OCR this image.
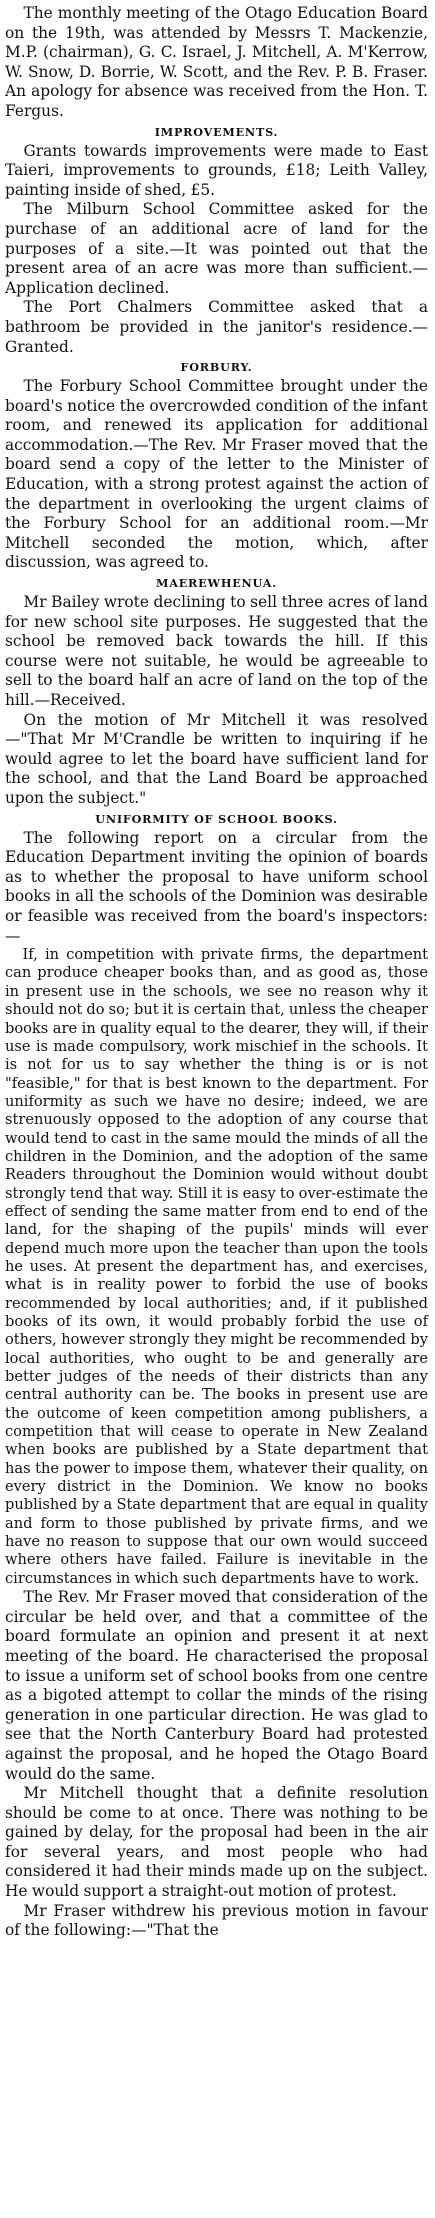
The monthly meeting of the Otago Education Board on the 19th, was attended by Messrs T. Mackenzie, M.P. (chairman), G. C. Israel, J. Mitchell, A. M'Kerrow, W. Snow, D. Borrie, W. Scott, and the Rev. P. B. Fraser. An apology for absence was received from the Hon. T. Fergus.

IMPROVEMENTS.

Grants towards improvements were made to East Taieri, improvements to grounds, £18; Leith Valley, painting inside of shed, £5.

The Milburn School Committee asked for the purchase of an additional acre of land for the purposes of a site.—It was pointed out that the present area of an acre was more than sufficient.—Application declined.

The Port Chalmers Committee asked that a bathroom be provided in the janitor's residence.—Granted.

FORBURY.

The Forbury School Committee brought under the board's notice the overcrowded condition of the infant room, and renewed its application for additional accommodation.—The Rev. Mr Fraser moved that the board send a copy of the letter to the Minister of Education, with a strong protest against the action of the department in overlooking the urgent claims of the Forbury School for an additional room.—Mr Mitchell seconded the motion, which, after discussion, was agreed to.

MAEREWHENUA.

Mr Bailey wrote declining to sell three acres of land for new school site purposes. He suggested that the school be removed back towards the hill. If this course were not suitable, he would be agreeable to sell to the board half an acre of land on the top of the hill.—Received.

On the motion of Mr Mitchell it was resolved—"That Mr M'Crandle be written to inquiring if he would agree to let the board have sufficient land for the school, and that the Land Board be approached upon the subject."

UNIFORMITY OF SCHOOL BOOKS.

The following report on a circular from the Education Department inviting the opinion of boards as to whether the proposal to have uniform school books in all the schools of the Dominion was desirable or feasible was received from the board's inspectors:—

If, in competition with private firms, the department can produce cheaper books than, and as good as, those in present use in the schools, we see no reason why it should not do so; but it is certain that, unless the cheaper books are in quality equal to the dearer, they will, if their use is made compulsory, work mischief in the schools. It is not for us to say whether the thing is or is not "feasible," for that is best known to the department. For uniformity as such we have no desire; indeed, we are strenuously opposed to the adoption of any course that would tend to cast in the same mould the minds of all the children in the Dominion, and the adoption of the same Readers throughout the Dominion would without doubt strongly tend that way. Still it is easy to over-estimate the effect of sending the same matter from end to end of the land, for the shaping of the pupils' minds will ever depend much more upon the teacher than upon the tools he uses. At present the department has, and exercises, what is in reality power to forbid the use of books recommended by local authorities; and, if it published books of its own, it would probably forbid the use of others, however strongly they might be recommended by local authorities, who ought to be and generally are better judges of the needs of their districts than any central authority can be. The books in present use are the outcome of keen competition among publishers, a competition that will cease to operate in New Zealand when books are published by a State department that has the power to impose them, whatever their quality, on every district in the Dominion. We know no books published by a State department that are equal in quality and form to those published by private firms, and we have no reason to suppose that our own would succeed where others have failed. Failure is inevitable in the circumstances in which such departments have to work.

The Rev. Mr Fraser moved that consideration of the circular be held over, and that a committee of the board formulate an opinion and present it at next meeting of the board. He characterised the proposal to issue a uniform set of school books from one centre as a bigoted attempt to collar the minds of the rising generation in one particular direction. He was glad to see that the North Canterbury Board had protested against the proposal, and he hoped the Otago Board would do the same.

Mr Mitchell thought that a definite resolution should be come to at once. There was nothing to be gained by delay, for the proposal had been in the air for several years, and most people who had considered it had their minds made up on the subject. He would support a straight-out motion of protest.

Mr Fraser withdrew his previous motion in favour of the following:—"That the
